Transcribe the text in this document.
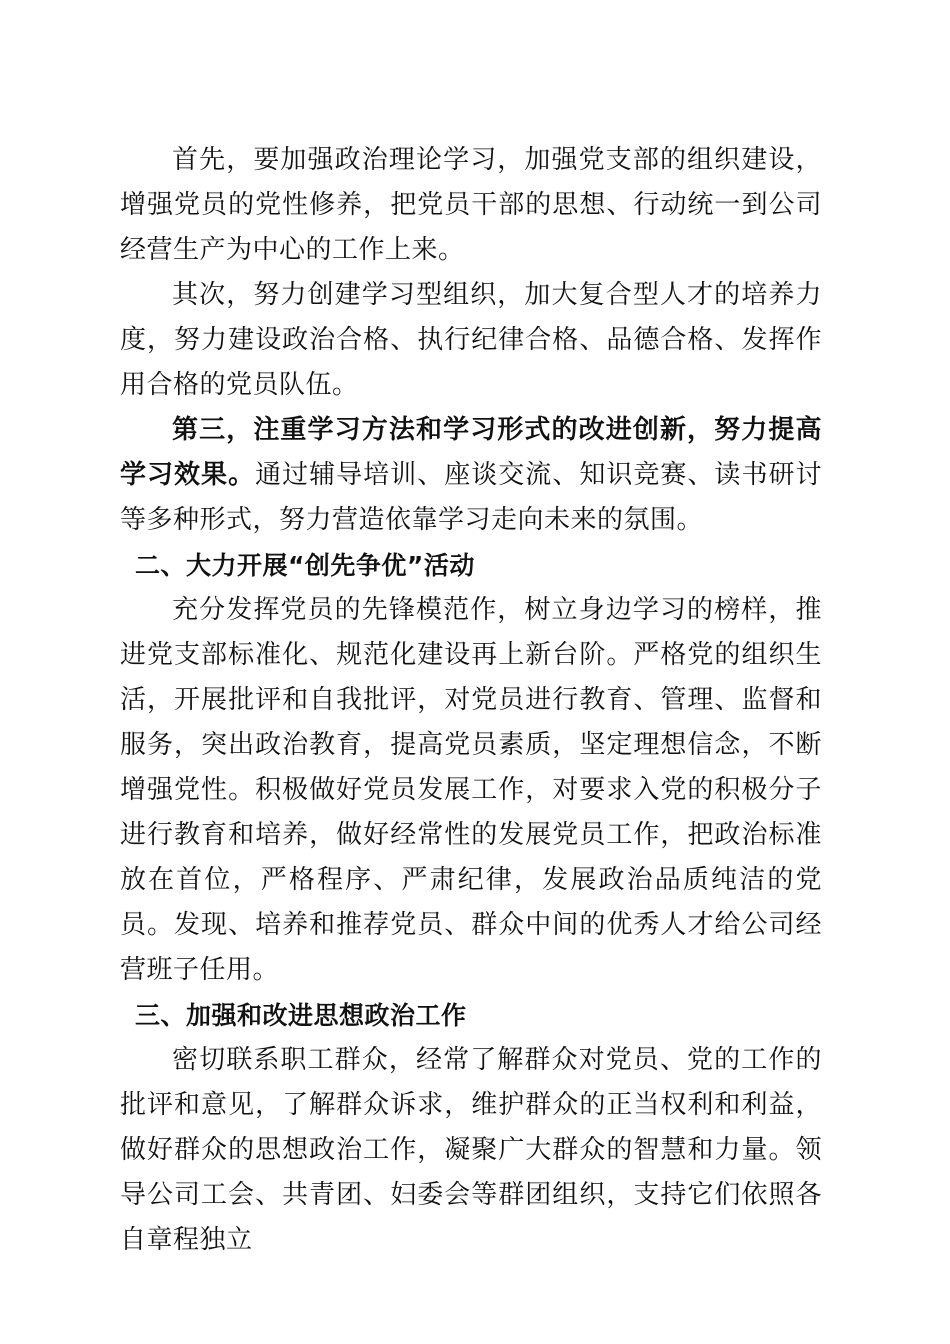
首先，要加强政治理论学习，加强党支部的组织建设，增强党员的党性修养，把党员干部的思想、行动统一到公司经营生产为中心的工作上来。

其次，努力创建学习型组织，加大复合型人才的培养力度，努力建设政治合格、执行纪律合格、品德合格、发挥作用合格的党员队伍。

第三，注重学习方法和学习形式的改进创新，努力提高学习效果。通过辅导培训、座谈交流、知识竞赛、读书研讨等多种形式，努力营造依靠学习走向未来的氛围。

二、大力开展“创先争优”活动

充分发挥党员的先锋模范作，树立身边学习的榜样，推进党支部标准化、规范化建设再上新台阶。严格党的组织生活，开展批评和自我批评，对党员进行教育、管理、监督和服务，突出政治教育，提高党员素质，坚定理想信念，不断增强党性。积极做好党员发展工作，对要求入党的积极分子进行教育和培养，做好经常性的发展党员工作，把政治标准放在首位，严格程序、严肃纪律，发展政治品质纯洁的党员。发现、培养和推荐党员、群众中间的优秀人才给公司经营班子任用。

三、加强和改进思想政治工作

密切联系职工群众，经常了解群众对党员、党的工作的批评和意见，了解群众诉求，维护群众的正当权利和利益，做好群众的思想政治工作，凝聚广大群众的智慧和力量。领导公司工会、共青团、妇委会等群团组织，支持它们依照各自章程独立
